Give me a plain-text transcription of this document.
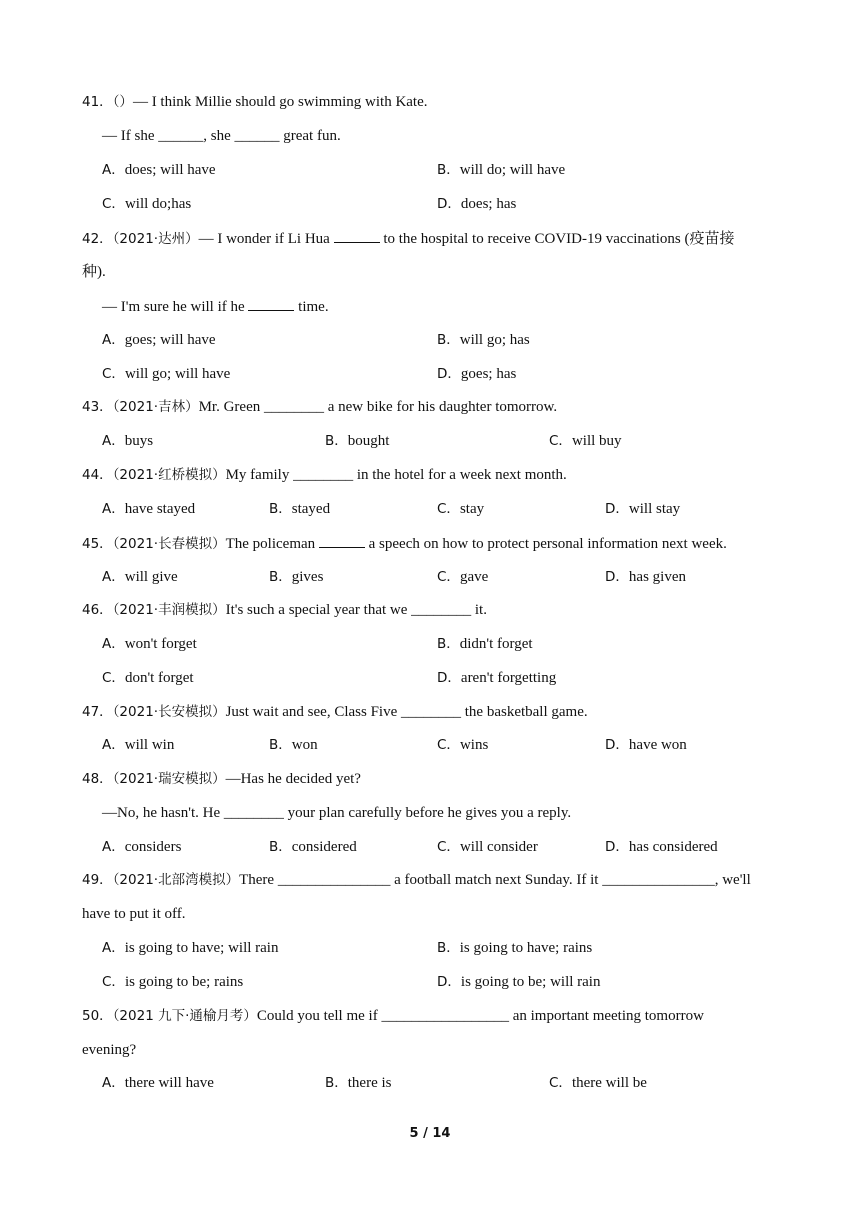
41．（）— I think Millie should go swimming with Kate.
— If she ______, she ______ great fun.
A．does; will have	B．will do; will have
C．will do;has	D．does; has
42．（2021·达州）— I wonder if Li Hua	to the hospital to receive COVID-19 vaccinations (疫苗接
种).
— I'm sure he will if he	time.
A．goes; will have	B．will go; has
C．will go; will have	D．goes; has
43．（2021·吉林）Mr. Green ________ a new bike for his daughter tomorrow.
A．buys	B．bought	C．will buy
44．（2021·红桥模拟）My family ________ in the hotel for a week next month.
A．have stayed	B．stayed	C．stay	D．will stay
45．（2021·长春模拟）The policeman	a speech on how to protect personal information next week.
A．will give	B．gives	C．gave	D．has given
46．（2021·丰润模拟）It's such a special year that we ________ it.
A．won't forget	B．didn't forget
C．don't forget	D．aren't forgetting
47．（2021·长安模拟）Just wait and see, Class Five ________ the basketball game.
A．will win	B．won	C．wins	D．have won
48．（2021·瑞安模拟）—Has he decided yet?
—No, he hasn't. He ________ your plan carefully before he gives you a reply.
A．considers	B．considered	C．will consider	D．has considered
49．（2021·北部湾模拟）There _______________ a football match next Sunday. If it _______________, we'll
have to put it off.
A．is going to have; will rain	B．is going to have; rains
C．is going to be; rains	D．is going to be; will rain
50．（2021 九下·通榆月考）Could you tell me if _________________ an important meeting tomorrow
evening?
A．there will have	B．there is	C．there will be
5 / 14
